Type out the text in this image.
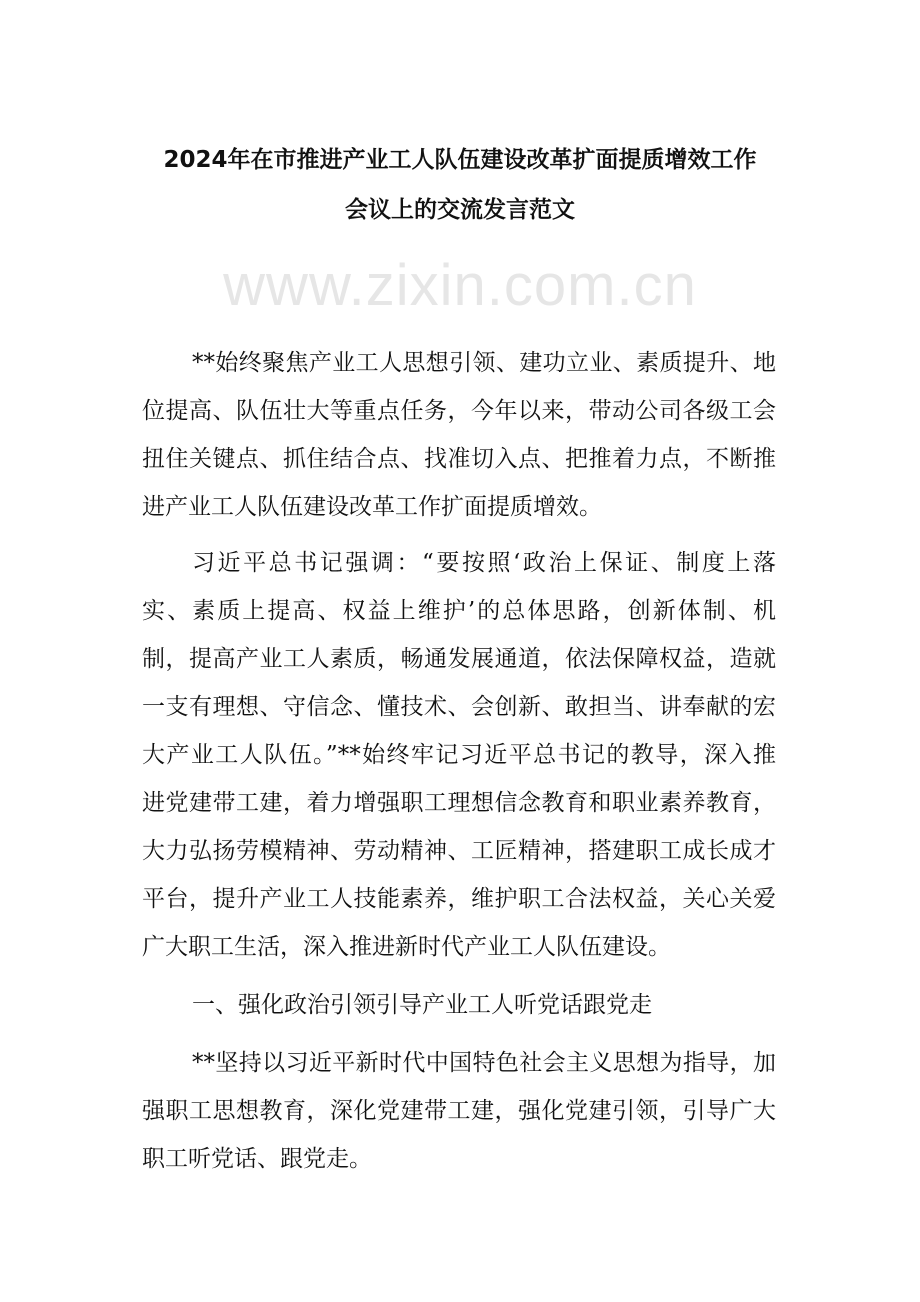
www.zixin.com.cn
2024年在市推进产业工人队伍建设改革扩面提质增效工作
会议上的交流发言范文
**始终聚焦产业工人思想引领、建功立业、素质提升、地
位提高、队伍壮大等重点任务，今年以来，带动公司各级工会
扭住关键点、抓住结合点、找准切入点、把推着力点，不断推
进产业工人队伍建设改革工作扩面提质增效。
习近平总书记强调：“要按照‘政治上保证、制度上落
实、素质上提高、权益上维护’的总体思路，创新体制、机
制，提高产业工人素质，畅通发展通道，依法保障权益，造就
一支有理想、守信念、懂技术、会创新、敢担当、讲奉献的宏
大产业工人队伍。”**始终牢记习近平总书记的教导，深入推
进党建带工建，着力增强职工理想信念教育和职业素养教育，
大力弘扬劳模精神、劳动精神、工匠精神，搭建职工成长成才
平台，提升产业工人技能素养，维护职工合法权益，关心关爱
广大职工生活，深入推进新时代产业工人队伍建设。
一、强化政治引领引导产业工人听党话跟党走
**坚持以习近平新时代中国特色社会主义思想为指导，加
强职工思想教育，深化党建带工建，强化党建引领，引导广大
职工听党话、跟党走。
